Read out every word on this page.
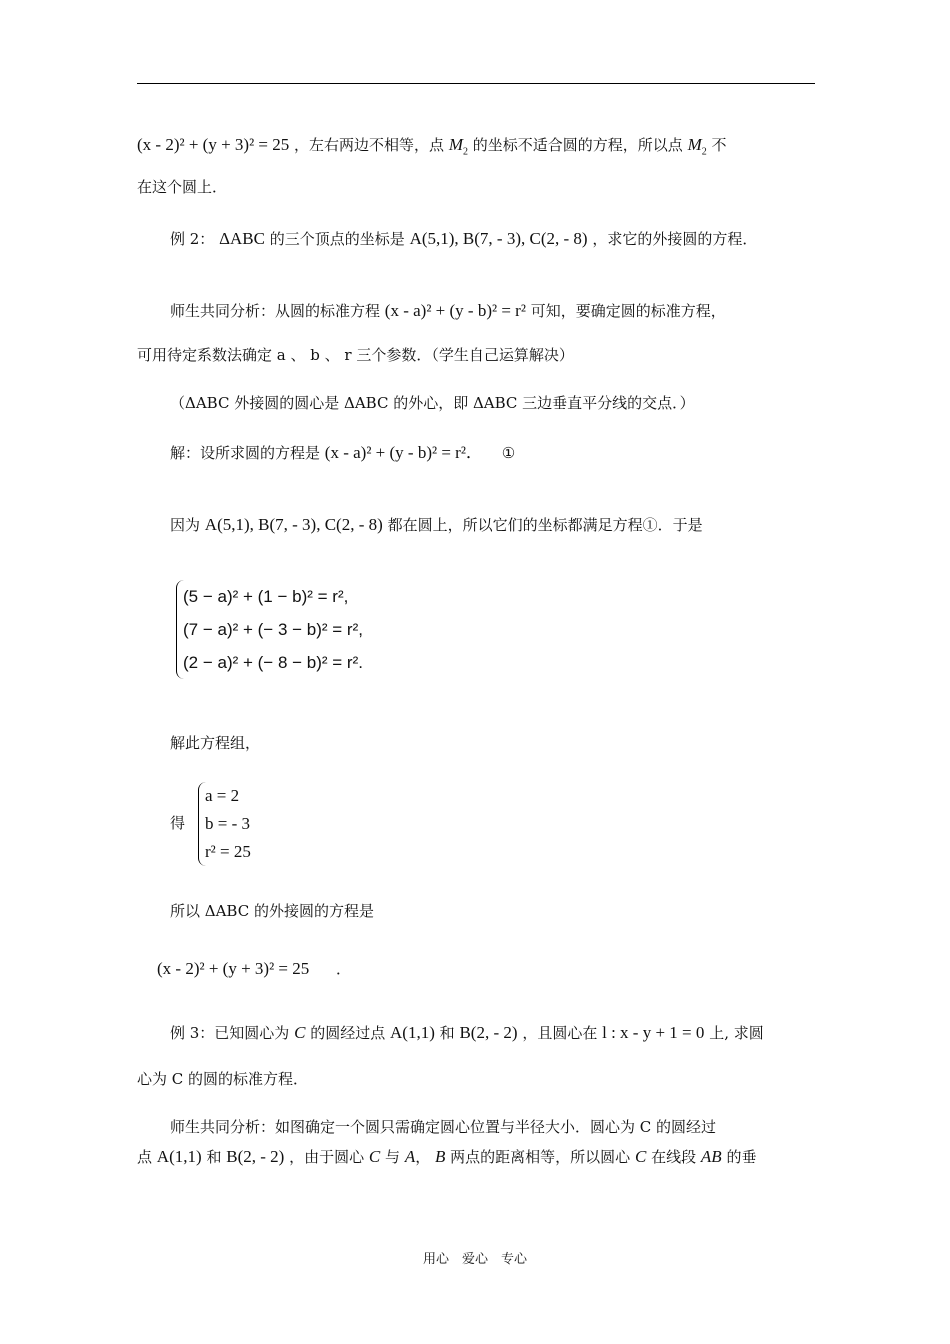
(x - 2)² + (y + 3)² = 25 ，左右两边不相等，点 $M_2$ 的坐标不适合圆的方程，所以点 $M_2$ 不
在这个圆上．
例 2： ΔABC 的三个顶点的坐标是 A(5,1), B(7, - 3), C(2, - 8) ，求它的外接圆的方程．
师生共同分析：从圆的标准方程 (x - a)² + (y - b)² = r² 可知，要确定圆的标准方程，
可用待定系数法确定 a 、 b 、 r 三个参数．（学生自己运算解决）
（ΔABC 外接圆的圆心是 ΔABC 的外心，即 ΔABC 三边垂直平分线的交点．）
解：设所求圆的方程是 (x - a)² + (y - b)² = r²． ①
因为 A(5,1), B(7, - 3), C(2, - 8) 都在圆上，所以它们的坐标都满足方程①．于是
(5 − a)² + (1 − b)² = r²,
(7 − a)² + (− 3 − b)² = r²,
(2 − a)² + (− 8 − b)² = r².
解此方程组，
得
a = 2
b = - 3
r² = 25
所以 ΔABC 的外接圆的方程是
(x - 2)² + (y + 3)² = 25 ．
例 3：已知圆心为 C 的圆经过点 A(1,1) 和 B(2, - 2) ，且圆心在 l : x - y + 1 = 0 上, 求圆
心为 C 的圆的标准方程．
师生共同分析：如图确定一个圆只需确定圆心位置与半径大小．圆心为 C 的圆经过
点 A(1,1) 和 B(2, - 2) ，由于圆心 C 与 A， B 两点的距离相等，所以圆心 C 在线段 AB 的垂
用心　爱心　专心
